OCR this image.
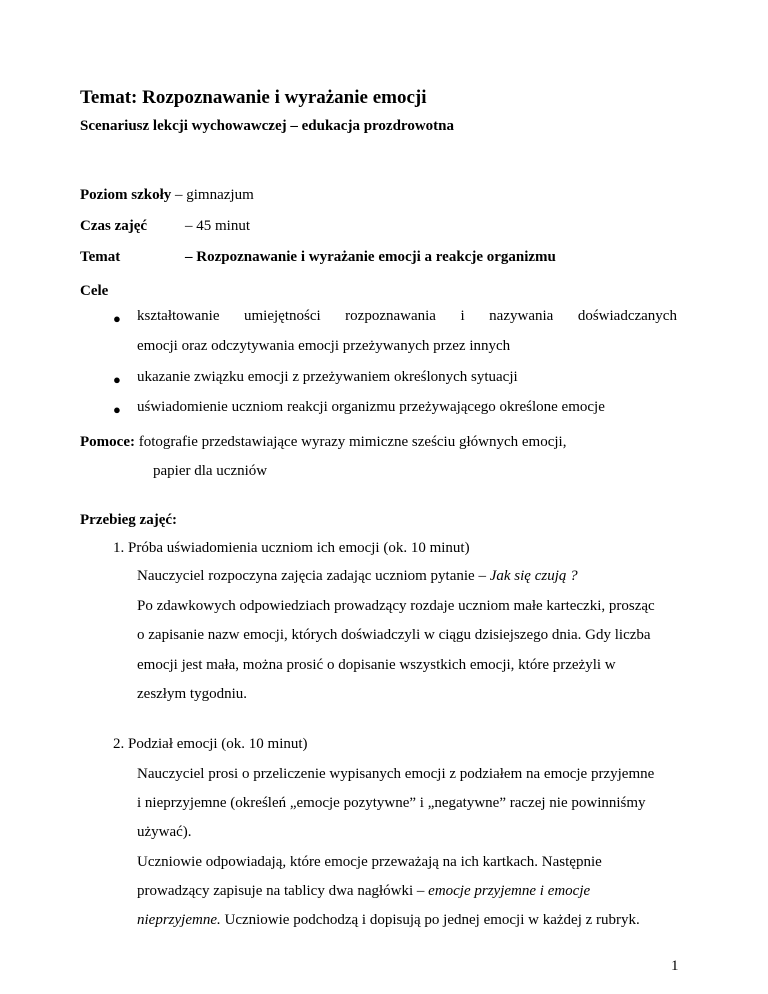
Temat: Rozpoznawanie i wyrażanie emocji
Scenariusz lekcji wychowawczej – edukacja prozdrowotna
Poziom szkoły – gimnazjum
Czas zajęć	– 45 minut
Temat	– Rozpoznawanie i wyrażanie emocji a reakcje organizmu
Cele
● kształtowanie umiejętności rozpoznawania i nazywania doświadczanych
emocji oraz odczytywania emocji przeżywanych przez innych
● ukazanie związku emocji z przeżywaniem określonych sytuacji
● uświadomienie uczniom reakcji organizmu przeżywającego określone emocje
Pomoce: fotografie przedstawiające wyrazy mimiczne sześciu głównych emocji,
papier dla uczniów
Przebieg zajęć:
1. Próba uświadomienia uczniom ich emocji (ok. 10 minut)
Nauczyciel rozpoczyna zajęcia zadając uczniom pytanie – Jak się czują ?
Po zdawkowych odpowiedziach prowadzący rozdaje uczniom małe karteczki, prosząc
o zapisanie nazw emocji, których doświadczyli w ciągu dzisiejszego dnia. Gdy liczba
emocji jest mała, można prosić o dopisanie wszystkich emocji, które przeżyli w
zeszłym tygodniu.
2. Podział emocji (ok. 10 minut)
Nauczyciel prosi o przeliczenie wypisanych emocji z podziałem na emocje przyjemne
i nieprzyjemne (określeń „emocje pozytywne” i „negatywne” raczej nie powinniśmy
używać).
Uczniowie odpowiadają, które emocje przeważają na ich kartkach. Następnie
prowadzący zapisuje na tablicy dwa nagłówki – emocje przyjemne i emocje
nieprzyjemne. Uczniowie podchodzą i dopisują po jednej emocji w każdej z rubryk.
1
